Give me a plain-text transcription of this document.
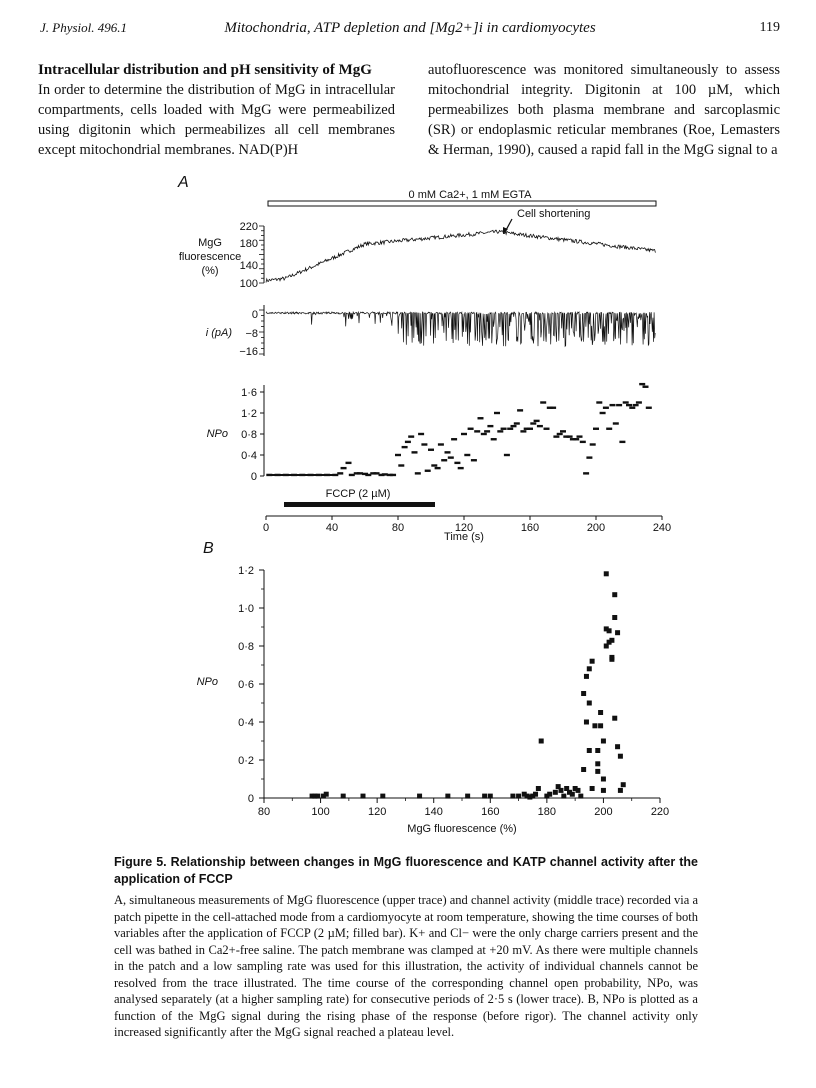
J. Physiol. 496.1	Mitochondria, ATP depletion and [Mg2+]i in cardiomyocytes	119
Intracellular distribution and pH sensitivity of MgG

In order to determine the distribution of MgG in intracellular compartments, cells loaded with MgG were permeabilized using digitonin which permeabilizes all cell membranes except mitochondrial membranes. NAD(P)H

autofluorescence was monitored simultaneously to assess mitochondrial integrity. Digitonin at 100 µM, which permeabilizes both plasma membrane and sarcoplasmic (SR) or endoplasmic reticular membranes (Roe, Lemasters & Herman, 1990), caused a rapid fall in the MgG signal to a

A
B
0 mM Ca2+, 1 mM EGTA
Cell shortening
MgG
fluorescence
(%)
220
180
140
100
i (pA)
0
−8
−16
NPo
1·6
1·2
0·8
0·4
0
FCCP (2 µM)
0	40	80	120	160	200	240
Time (s)
NPo
0
0·2
0·4
0·6
0·8
1·0
1·2
80	100	120	140	160	180	200	220
MgG fluorescence (%)

Figure 5. Relationship between changes in MgG fluorescence and KATP channel activity after the application of FCCP

A, simultaneous measurements of MgG fluorescence (upper trace) and channel activity (middle trace) recorded via a patch pipette in the cell-attached mode from a cardiomyocyte at room temperature, showing the time courses of both variables after the application of FCCP (2 µM; filled bar). K+ and Cl− were the only charge carriers present and the cell was bathed in Ca2+-free saline. The patch membrane was clamped at +20 mV. As there were multiple channels in the patch and a low sampling rate was used for this illustration, the activity of individual channels cannot be resolved from the trace illustrated. The time course of the corresponding channel open probability, NPo, was analysed separately (at a higher sampling rate) for consecutive periods of 2·5 s (lower trace). B, NPo is plotted as a function of the MgG signal during the rising phase of the response (before rigor). The channel activity only increased significantly after the MgG signal reached a plateau level.
